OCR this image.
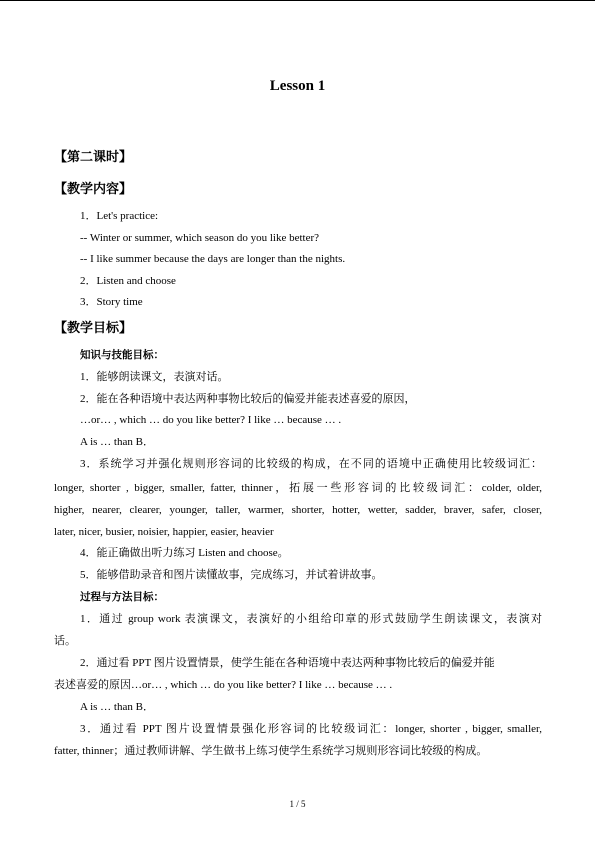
Lesson 1
【第二课时】
【教学内容】
1．Let's practice:
-- Winter or summer, which season do you like better?
-- I like summer because the days are longer than the nights.
2．Listen and choose
3．Story time
【教学目标】
知识与技能目标：
1．能够朗读课文，表演对话。
2．能在各种语境中表达两种事物比较后的偏爱并能表述喜爱的原因，
…or… , which … do you like better? I like … because … .
A is … than B．
3．系统学习并强化规则形容词的比较级的构成，在不同的语境中正确使用比较级词汇：
longer, shorter , bigger, smaller, fatter, thinner，拓展一些形容词的比较级词汇：colder, older,
higher, nearer, clearer, younger, taller, warmer, shorter, hotter, wetter, sadder, braver, safer, closer,
later, nicer, busier, noisier, happier, easier, heavier
4．能正确做出听力练习 Listen and choose。
5．能够借助录音和图片读懂故事，完成练习，并试着讲故事。
过程与方法目标：
1．通过 group work 表演课文，表演好的小组给印章的形式鼓励学生朗读课文，表演对
话。
2．通过看 PPT 图片设置情景，使学生能在各种语境中表达两种事物比较后的偏爱并能
表述喜爱的原因…or… , which … do you like better? I like … because … .
A is … than B．
3．通过看 PPT 图片设置情景强化形容词的比较级词汇：longer, shorter , bigger, smaller,
fatter, thinner；通过教师讲解、学生做书上练习使学生系统学习规则形容词比较级的构成。
1 / 5
